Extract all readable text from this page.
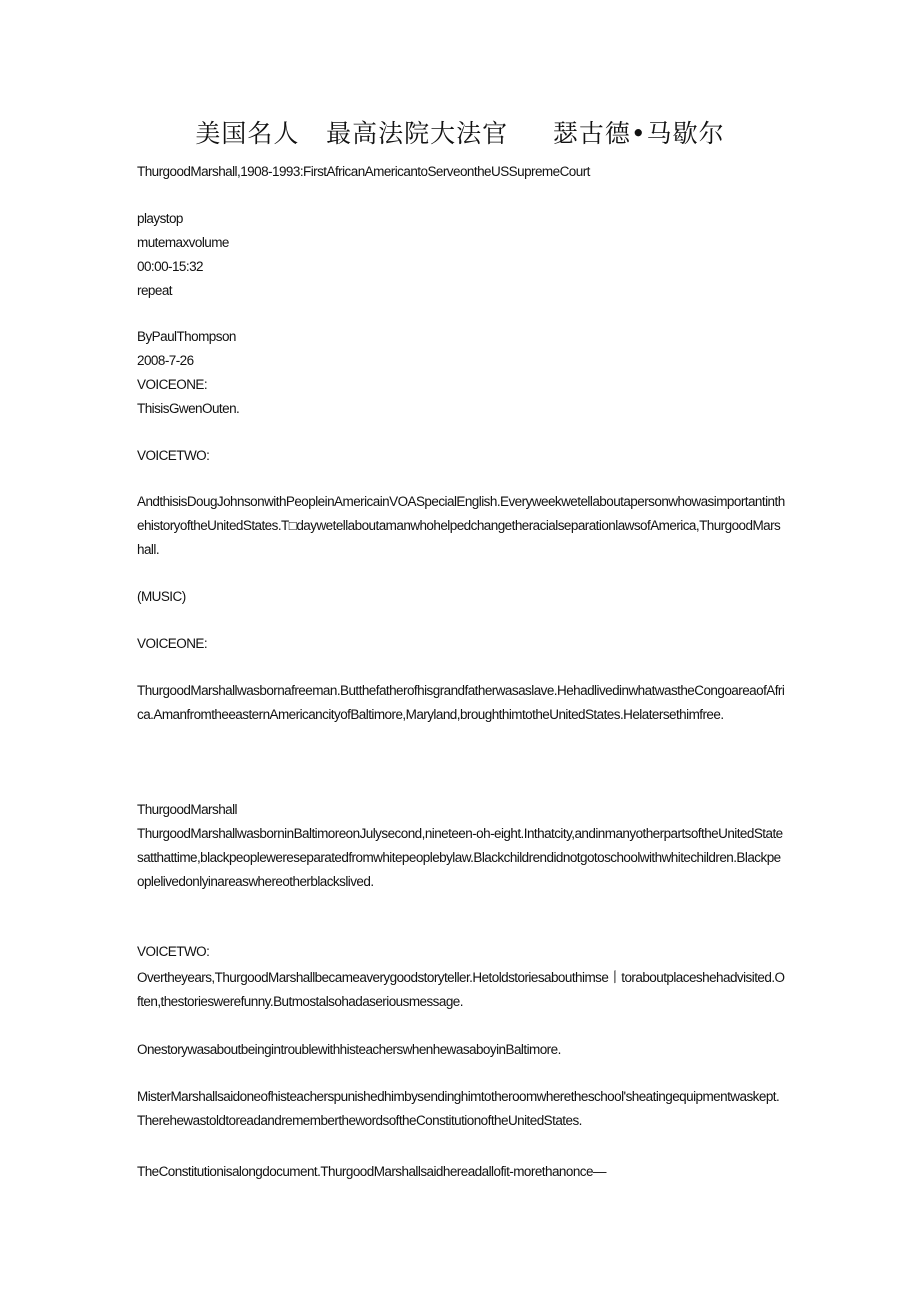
美国名人   最高法院大法官     瑟古德•马歇尔

ThurgoodMarshall,1908-1993:FirstAfricanAmericantoServeontheUSSupremeCourt

playstop

mutemaxvolume

00:00-15:32

repeat

ByPaulThompson

2008-7-26

VOICEONE:

ThisisGwenOuten.

VOICETWO:

AndthisisDougJohnsonwithPeopleinAmericainVOASpecialEnglish.EveryweekwetellaboutapersonwhowasimportantinthehistoryoftheUnitedStates.T□daywetellaboutamanwhohelpedchangetheracialseparationlawsofAmerica,ThurgoodMarshall.

(MUSIC)

VOICEONE:

ThurgoodMarshallwasbornafreeman.Butthefatherofhisgrandfatherwasaslave.HehadlivedinwhatwastheCongoareaofAfrica.AmanfromtheeasternAmericancityofBaltimore,Maryland,broughthimtotheUnitedStates.Helatersethimfree.

ThurgoodMarshall

ThurgoodMarshallwasborninBaltimoreonJulysecond,nineteen-oh-eight.Inthatcity,andinmanyotherpartsoftheUnitedStatesatthattime,blackpeoplewereseparatedfromwhitepeoplebylaw.Blackchildrendidnotgotoschoolwithwhitechildren.Blackpeoplelivedonlyinareaswhereotherblackslived.

VOICETWO:

Overtheyears,ThurgoodMarshallbecameaverygoodstoryteller.Hetoldstoriesabouthimse丨toraboutplaceshehadvisited.Often,thestorieswerefunny.Butmostalsohadaseriousmessage.

OnestorywasaboutbeingintroublewithhisteacherswhenhewasaboyinBaltimore.

MisterMarshallsaidoneofhisteacherspunishedhimbysendinghimtotheroomwheretheschool'sheatingequipmentwaskept.TherehewastoldtoreadandrememberthewordsoftheConstitutionoftheUnitedStates.

TheConstitutionisalongdocument.ThurgoodMarshallsaidhereadallofit-morethanonce—
